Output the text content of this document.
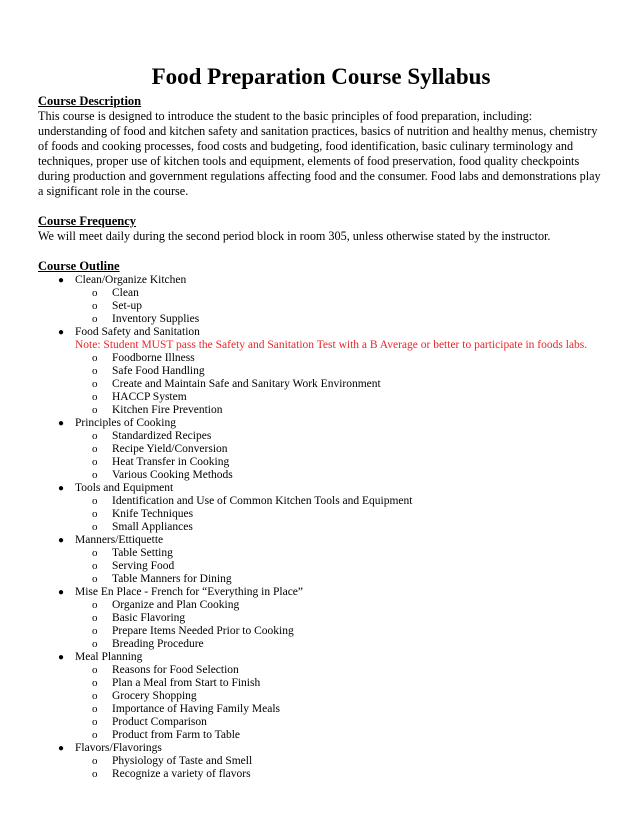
Food Preparation Course Syllabus
Course Description

This course is designed to introduce the student to the basic principles of food preparation, including: understanding of food and kitchen safety and sanitation practices, basics of nutrition and healthy menus, chemistry of foods and cooking processes, food costs and budgeting, food identification, basic culinary terminology and techniques, proper use of kitchen tools and equipment, elements of food preservation, food quality checkpoints during production and government regulations affecting food and the consumer. Food labs and demonstrations play a significant role in the course.

Course Frequency

We will meet daily during the second period block in room 305, unless otherwise stated by the instructor.

Course Outline
● Clean/Organize Kitchen
o Clean
o Set-up
o Inventory Supplies
● Food Safety and Sanitation
Note: Student MUST pass the Safety and Sanitation Test with a B Average or better to participate in foods labs.
o Foodborne Illness
o Safe Food Handling
o Create and Maintain Safe and Sanitary Work Environment
o HACCP System
o Kitchen Fire Prevention
● Principles of Cooking
o Standardized Recipes
o Recipe Yield/Conversion
o Heat Transfer in Cooking
o Various Cooking Methods
● Tools and Equipment
o Identification and Use of Common Kitchen Tools and Equipment
o Knife Techniques
o Small Appliances
● Manners/Ettiquette
o Table Setting
o Serving Food
o Table Manners for Dining
● Mise En Place - French for “Everything in Place”
o Organize and Plan Cooking
o Basic Flavoring
o Prepare Items Needed Prior to Cooking
o Breading Procedure
● Meal Planning
o Reasons for Food Selection
o Plan a Meal from Start to Finish
o Grocery Shopping
o Importance of Having Family Meals
o Product Comparison
o Product from Farm to Table
● Flavors/Flavorings
o Physiology of Taste and Smell
o Recognize a variety of flavors
